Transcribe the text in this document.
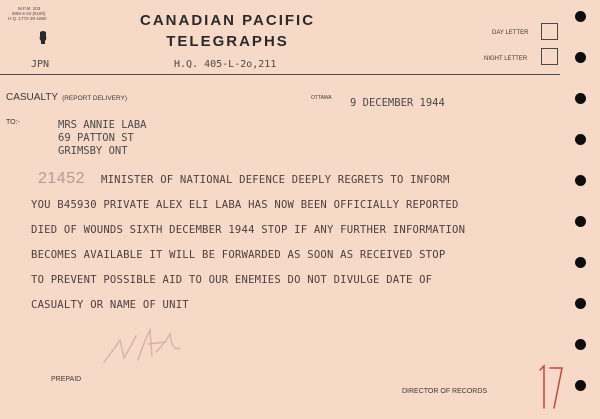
M.F.M. 203
50M-4-44 (6180)
H.Q. 1772-39-1890	CANADIAN PACIFIC
TELEGRAPHS	DAY LETTER
NIGHT LETTER
JPN	H.Q. 405-L-2o,211
CASUALTY (REPORT DELIVERY)	OTTAWA 9 DECEMBER 1944
TO:-	MRS ANNIE LABA
69 PATTON ST
GRIMSBY ONT
21452 MINISTER OF NATIONAL DEFENCE DEEPLY REGRETS TO INFORM
YOU B45930 PRIVATE ALEX ELI LABA HAS NOW BEEN OFFICIALLY REPORTED
DIED OF WOUNDS SIXTH DECEMBER 1944 STOP IF ANY FURTHER INFORMATION
BECOMES AVAILABLE IT WILL BE FORWARDED AS SOON AS RECEIVED STOP
TO PREVENT POSSIBLE AID TO OUR ENEMIES DO NOT DIVULGE DATE OF
CASUALTY OR NAME OF UNIT
PREPAID
DIRECTOR OF RECORDS
